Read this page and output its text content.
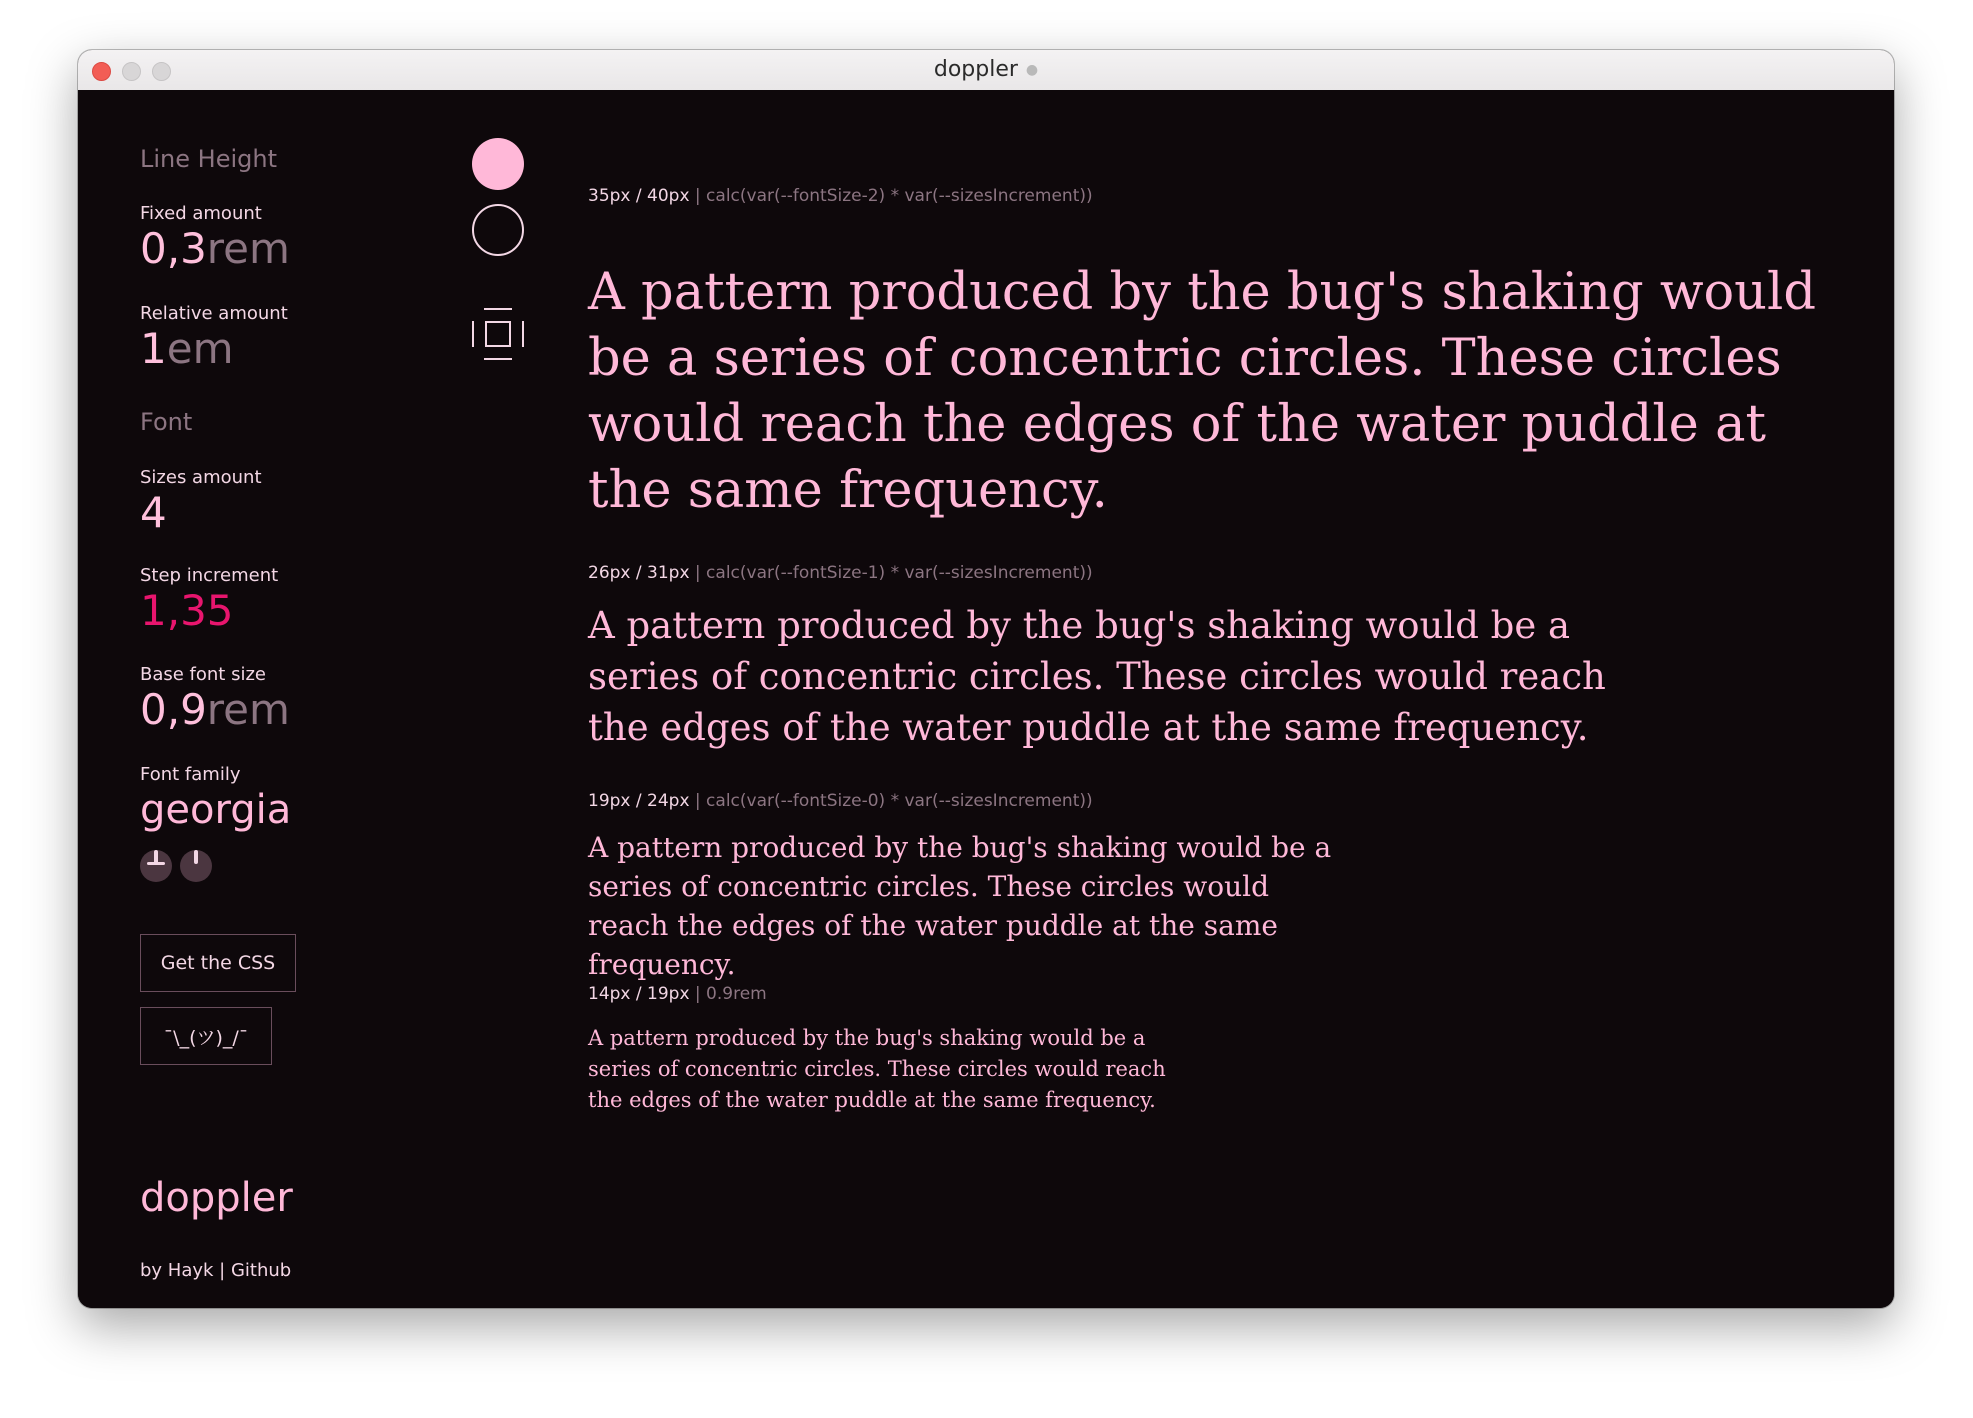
doppler ●
Line Height
Fixed amount
0,3rem
Relative amount
1em
Font
Sizes amount
4
Step increment
1,35
Base font size
0,9rem
Font family
georgia
Get the CSS
¯\_(ツ)_/¯
doppler
by Hayk | Github
35px / 40px | calc(var(--fontSize-2) * var(--sizesIncrement))

A pattern produced by the bug's shaking would be a series of concentric circles. These circles would reach the edges of the water puddle at the same frequency.

26px / 31px | calc(var(--fontSize-1) * var(--sizesIncrement))

A pattern produced by the bug's shaking would be a series of concentric circles. These circles would reach the edges of the water puddle at the same frequency.

19px / 24px | calc(var(--fontSize-0) * var(--sizesIncrement))

A pattern produced by the bug's shaking would be a series of concentric circles. These circles would reach the edges of the water puddle at the same frequency.

14px / 19px | 0.9rem

A pattern produced by the bug's shaking would be a series of concentric circles. These circles would reach the edges of the water puddle at the same frequency.
